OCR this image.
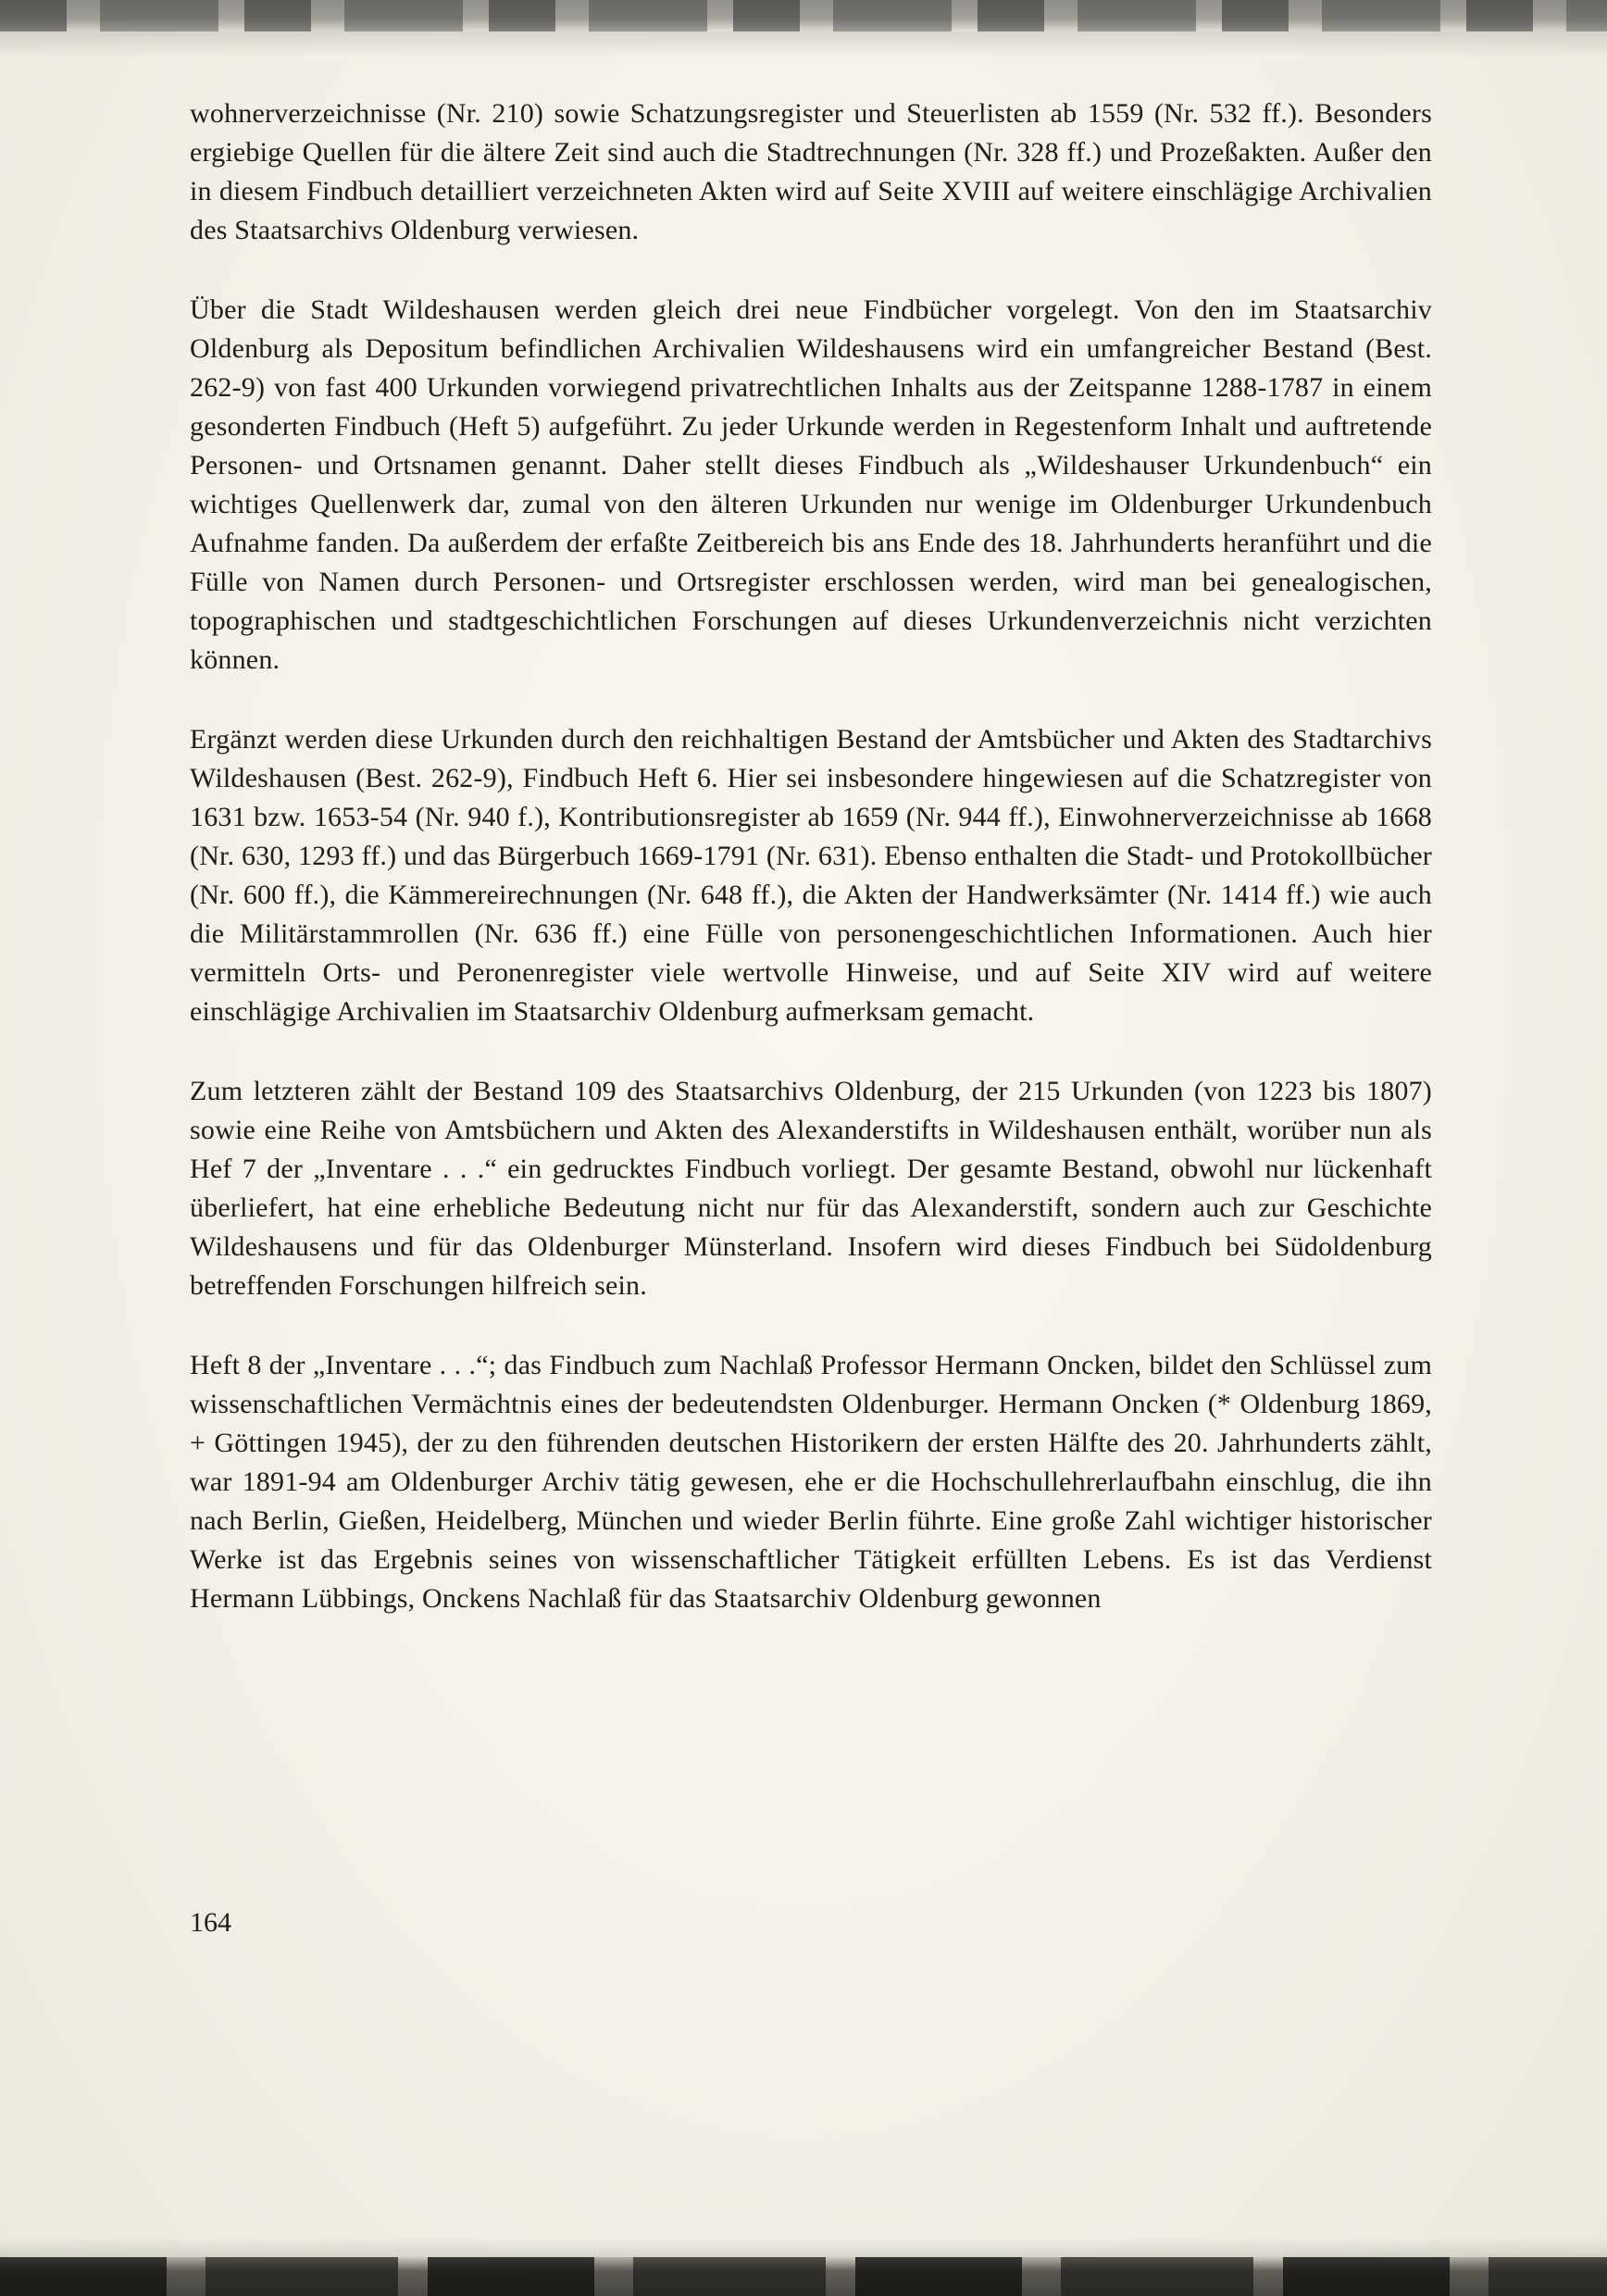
wohnerverzeichnisse (Nr. 210) sowie Schatzungsregister und Steuerlisten ab 1559 (Nr. 532 ff.). Besonders ergiebige Quellen für die ältere Zeit sind auch die Stadtrechnungen (Nr. 328 ff.) und Prozeßakten. Außer den in diesem Findbuch detailliert verzeichneten Akten wird auf Seite XVIII auf weitere einschlägige Archivalien des Staatsarchivs Oldenburg verwiesen.

Über die Stadt Wildeshausen werden gleich drei neue Findbücher vorgelegt. Von den im Staatsarchiv Oldenburg als Depositum befindlichen Archivalien Wildeshausens wird ein umfangreicher Bestand (Best. 262-9) von fast 400 Urkunden vorwiegend privatrechtlichen Inhalts aus der Zeitspanne 1288-1787 in einem gesonderten Findbuch (Heft 5) aufgeführt. Zu jeder Urkunde werden in Regestenform Inhalt und auftretende Personen- und Ortsnamen genannt. Daher stellt dieses Findbuch als „Wildeshauser Urkundenbuch“ ein wichtiges Quellenwerk dar, zumal von den älteren Urkunden nur wenige im Oldenburger Urkundenbuch Aufnahme fanden. Da außerdem der erfaßte Zeitbereich bis ans Ende des 18. Jahrhunderts heranführt und die Fülle von Namen durch Personen- und Ortsregister erschlossen werden, wird man bei genealogischen, topographischen und stadtgeschichtlichen Forschungen auf dieses Urkundenverzeichnis nicht verzichten können.

Ergänzt werden diese Urkunden durch den reichhaltigen Bestand der Amtsbücher und Akten des Stadtarchivs Wildeshausen (Best. 262-9), Findbuch Heft 6. Hier sei insbesondere hingewiesen auf die Schatzregister von 1631 bzw. 1653-54 (Nr. 940 f.), Kontributionsregister ab 1659 (Nr. 944 ff.), Einwohnerverzeichnisse ab 1668 (Nr. 630, 1293 ff.) und das Bürgerbuch 1669-1791 (Nr. 631). Ebenso enthalten die Stadt- und Protokollbücher (Nr. 600 ff.), die Kämmereirechnungen (Nr. 648 ff.), die Akten der Handwerksämter (Nr. 1414 ff.) wie auch die Militärstammrollen (Nr. 636 ff.) eine Fülle von personengeschichtlichen Informationen. Auch hier vermitteln Orts- und Peronenregister viele wertvolle Hinweise, und auf Seite XIV wird auf weitere einschlägige Archivalien im Staatsarchiv Oldenburg aufmerksam gemacht.

Zum letzteren zählt der Bestand 109 des Staatsarchivs Oldenburg, der 215 Urkunden (von 1223 bis 1807) sowie eine Reihe von Amtsbüchern und Akten des Alexanderstifts in Wildeshausen enthält, worüber nun als Hef 7 der „Inventare . . .“ ein gedrucktes Findbuch vorliegt. Der gesamte Bestand, obwohl nur lückenhaft überliefert, hat eine erhebliche Bedeutung nicht nur für das Alexanderstift, sondern auch zur Geschichte Wildeshausens und für das Oldenburger Münsterland. Insofern wird dieses Findbuch bei Südoldenburg betreffenden Forschungen hilfreich sein.

Heft 8 der „Inventare . . .“; das Findbuch zum Nachlaß Professor Hermann Oncken, bildet den Schlüssel zum wissenschaftlichen Vermächtnis eines der bedeutendsten Oldenburger. Hermann Oncken (* Oldenburg 1869, + Göttingen 1945), der zu den führenden deutschen Historikern der ersten Hälfte des 20. Jahrhunderts zählt, war 1891-94 am Oldenburger Archiv tätig gewesen, ehe er die Hochschullehrerlaufbahn einschlug, die ihn nach Berlin, Gießen, Heidelberg, München und wieder Berlin führte. Eine große Zahl wichtiger historischer Werke ist das Ergebnis seines von wissenschaftlicher Tätigkeit erfüllten Lebens. Es ist das Verdienst Hermann Lübbings, Onckens Nachlaß für das Staatsarchiv Oldenburg gewonnen

164
